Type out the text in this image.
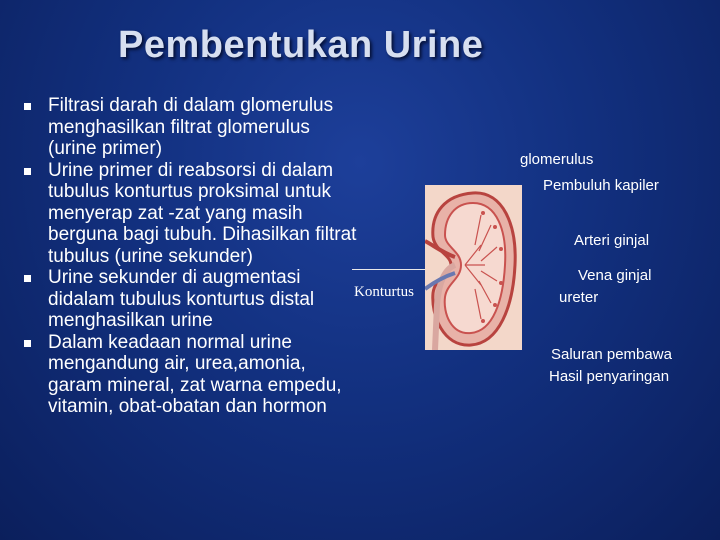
Pembentukan Urine
Filtrasi darah di dalam glomerulus menghasilkan filtrat glomerulus (urine primer)
Urine primer di reabsorsi di dalam tubulus konturtus proksimal untuk menyerap zat -zat yang masih berguna bagi tubuh. Dihasilkan filtrat tubulus (urine sekunder)
Urine sekunder di augmentasi didalam tubulus konturtus distal menghasilkan urine
Dalam keadaan normal urine mengandung air, urea,amonia, garam mineral, zat warna empedu, vitamin, obat-obatan dan hormon
Konturtus
glomerulus
Pembuluh kapiler
Arteri ginjal
Vena ginjal
ureter
Saluran pembawa
Hasil penyaringan
